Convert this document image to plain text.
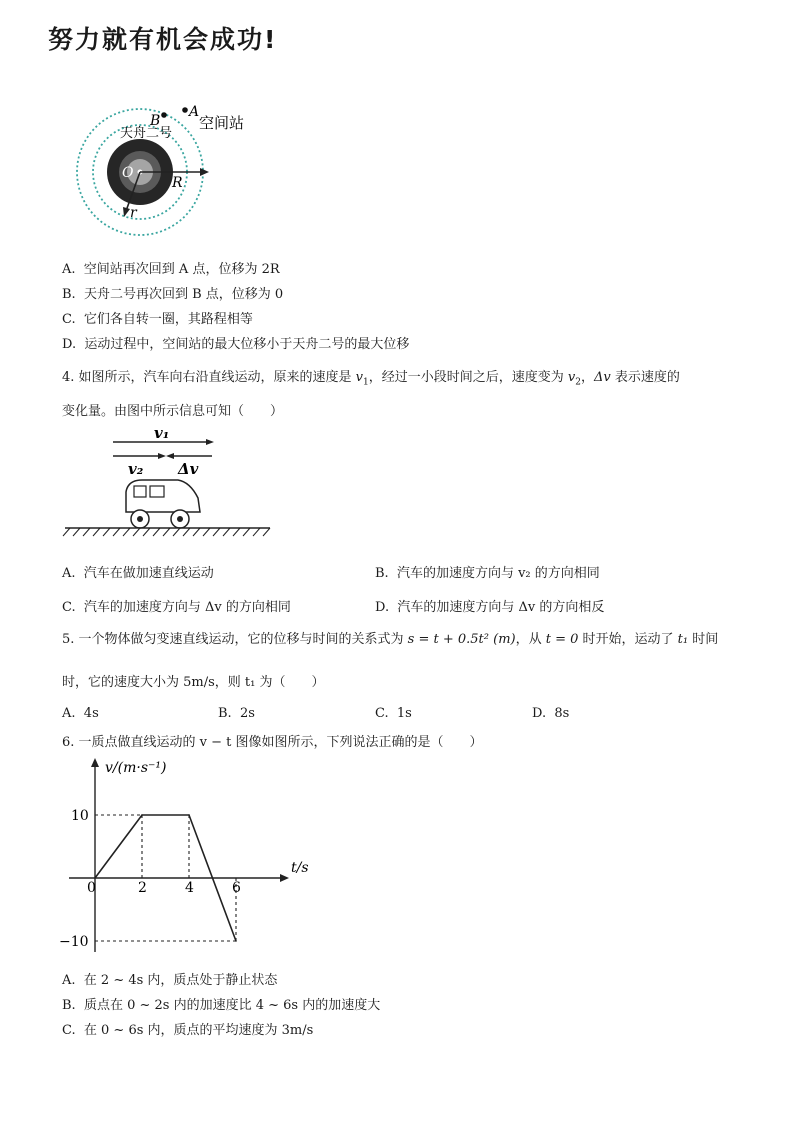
努力就有机会成功!
A
空间站
天舟二号
B
O
R
r
A. 空间站再次回到 A 点，位移为 2R
B. 天舟二号再次回到 B 点，位移为 0
C. 它们各自转一圈，其路程相等
D. 运动过程中，空间站的最大位移小于天舟二号的最大位移
4. 如图所示，汽车向右沿直线运动，原来的速度是 $v_1$，经过一小段时间之后，速度变为 $v_2$，Δv 表示速度的
变化量。由图中所示信息可知（　　）
v₁
v₂ Δv
A. 汽车在做加速直线运动	B. 汽车的加速度方向与 v₂ 的方向相同
C. 汽车的加速度方向与 Δv 的方向相同	D. 汽车的加速度方向与 Δv 的方向相反
5. 一个物体做匀变速直线运动，它的位移与时间的关系式为 s = t + 0.5t² (m)，从 t = 0 时开始，运动了 t₁ 时间
时，它的速度大小为 5m/s，则 t₁ 为（　　）
A. 4s	B. 2s	C. 1s	D. 8s
6. 一质点做直线运动的 v − t 图像如图所示，下列说法正确的是（　　）
v/(m·s⁻¹)
t/s
0	2	4	6
10
−10
A. 在 2 ~ 4s 内，质点处于静止状态
B. 质点在 0 ~ 2s 内的加速度比 4 ~ 6s 内的加速度大
C. 在 0 ~ 6s 内，质点的平均速度为 3m/s
